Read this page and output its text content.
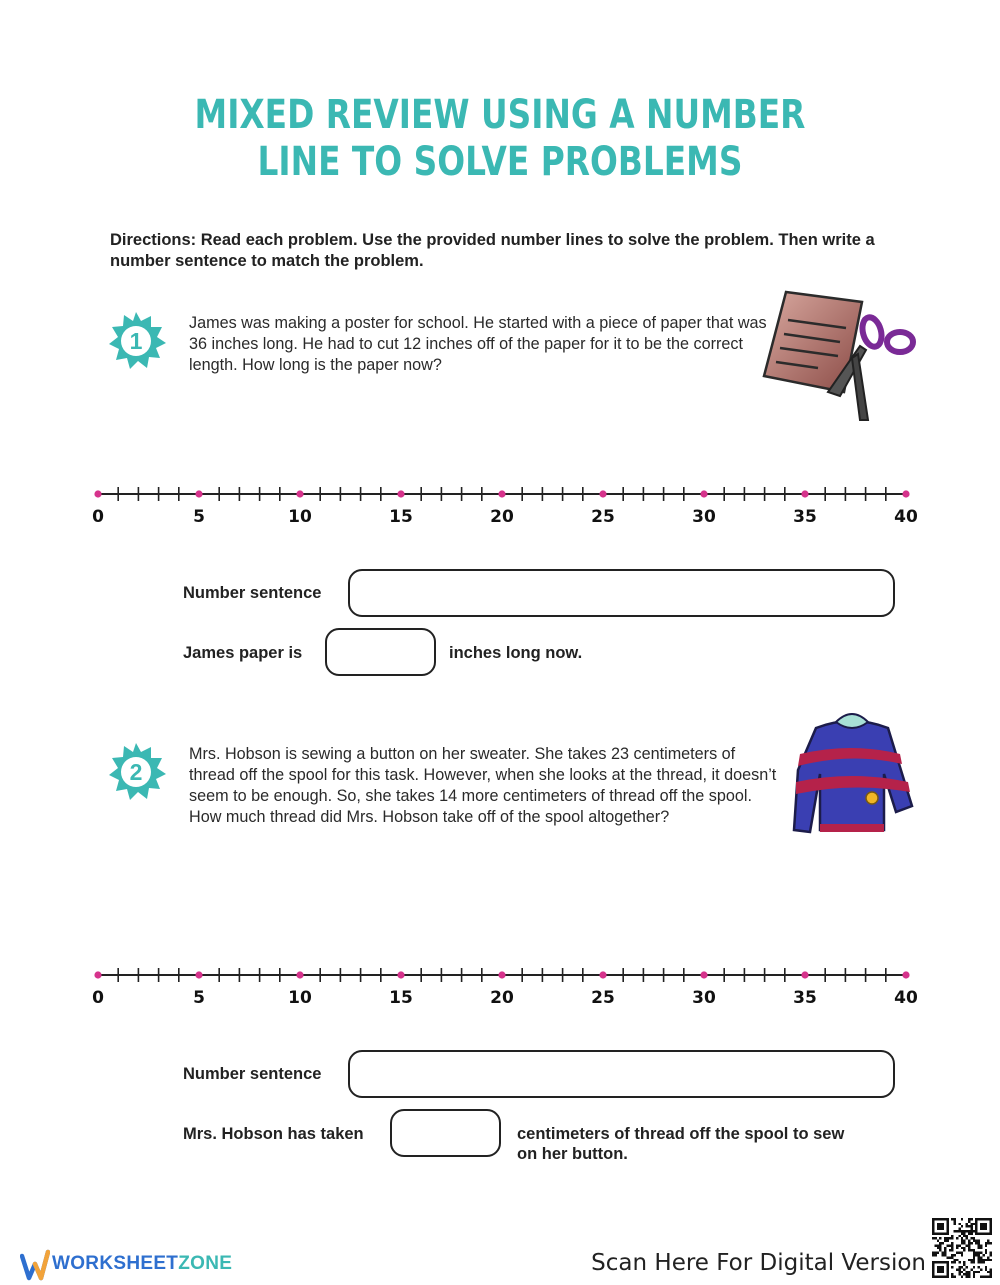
MIXED REVIEW USING A NUMBER LINE TO SOLVE PROBLEMS
Directions: Read each problem. Use the provided number lines to solve the problem. Then write a number sentence to match the problem.
1
James was making a poster for school. He started with a piece of paper that was 36 inches long. He had to cut 12 inches off of the paper for it to be the correct length. How long is the paper now?
0	5	10	15	20	25	30	35	40
Number sentence
James paper is	inches long now.
2
Mrs. Hobson is sewing a button on her sweater. She takes 23 centimeters of thread off the spool for this task. However, when she looks at the thread, it doesn’t seem to be enough. So, she takes 14 more centimeters of thread off the spool. How much thread did Mrs. Hobson take off of the spool altogether?
0	5	10	15	20	25	30	35	40
Number sentence
Mrs. Hobson has taken	centimeters of thread off the spool to sew
on her button.
WORKSHEETZONE	Scan Here For Digital Version
